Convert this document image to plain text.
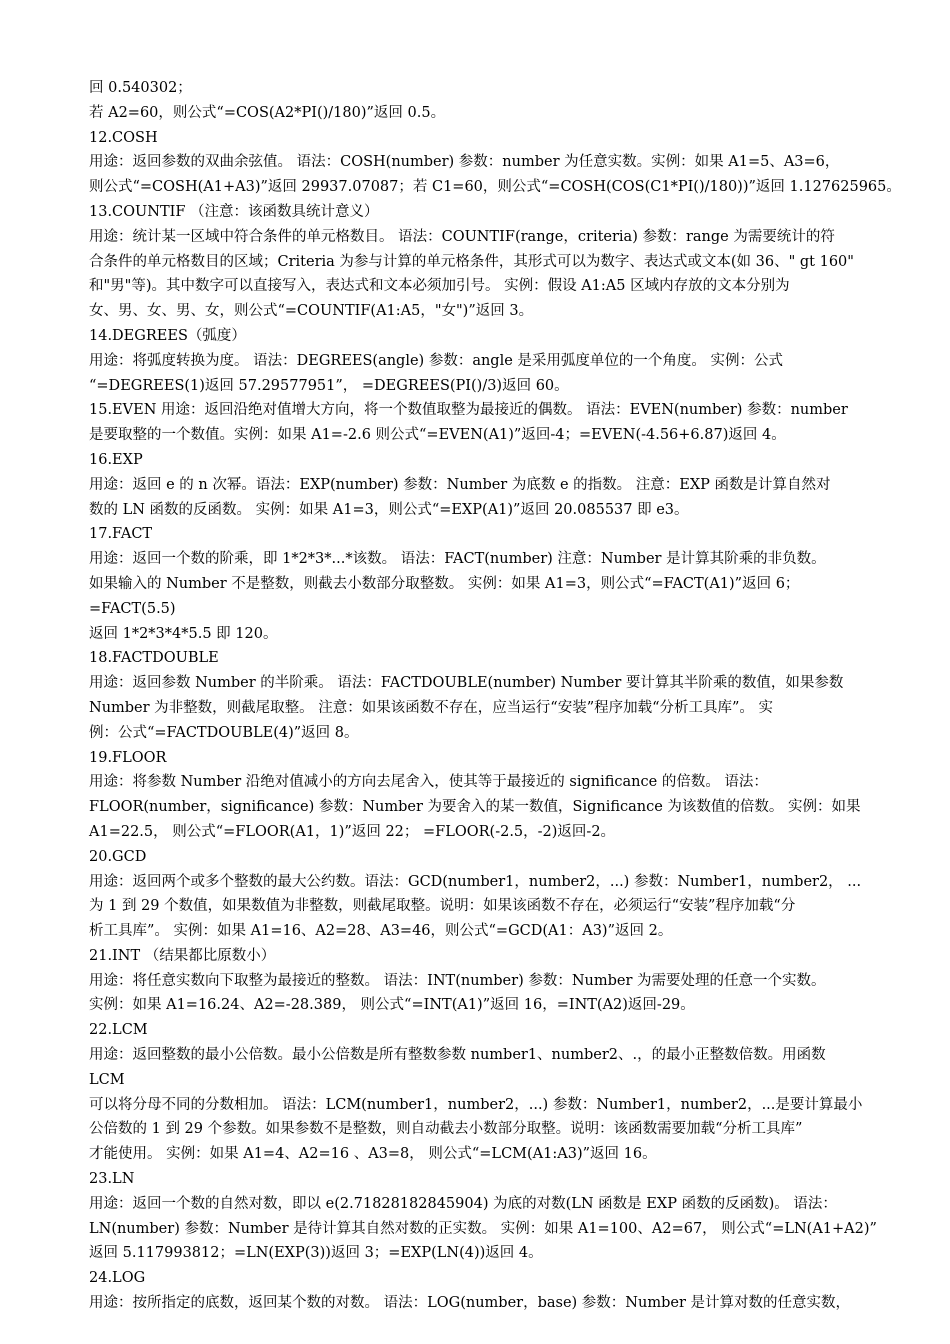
回 0.540302；
若 A2=60，则公式“=COS(A2*PI()/180)”返回 0.5。
12.COSH
用途：返回参数的双曲余弦值。 语法：COSH(number) 参数：number 为任意实数。实例：如果 A1=5、A3=6，
则公式“=COSH(A1+A3)”返回 29937.07087；若 C1=60，则公式“=COSH(COS(C1*PI()/180))”返回 1.127625965。
13.COUNTIF （注意：该函数具统计意义）
用途：统计某一区域中符合条件的单元格数目。 语法：COUNTIF(range，criteria) 参数：range 为需要统计的符
合条件的单元格数目的区域；Criteria 为参与计算的单元格条件，其形式可以为数字、表达式或文本(如 36、" gt 160"
和"男"等)。其中数字可以直接写入，表达式和文本必须加引号。 实例：假设 A1:A5 区域内存放的文本分别为
女、男、女、男、女，则公式“=COUNTIF(A1:A5，"女")”返回 3。
14.DEGREES（弧度）
用途：将弧度转换为度。 语法：DEGREES(angle) 参数：angle 是采用弧度单位的一个角度。 实例：公式
“=DEGREES(1)返回 57.29577951”， =DEGREES(PI()/3)返回 60。
15.EVEN 用途：返回沿绝对值增大方向，将一个数值取整为最接近的偶数。 语法：EVEN(number) 参数：number
是要取整的一个数值。实例：如果 A1=-2.6 则公式“=EVEN(A1)”返回-4；=EVEN(-4.56+6.87)返回 4。
16.EXP
用途：返回 e 的 n 次幂。语法：EXP(number) 参数：Number 为底数 e 的指数。 注意：EXP 函数是计算自然对
数的 LN 函数的反函数。 实例：如果 A1=3，则公式“=EXP(A1)”返回 20.085537 即 e3。
17.FACT
用途：返回一个数的阶乘，即 1*2*3*...*该数。 语法：FACT(number) 注意：Number 是计算其阶乘的非负数。
如果输入的 Number 不是整数，则截去小数部分取整数。 实例：如果 A1=3，则公式“=FACT(A1)”返回 6；
=FACT(5.5)
返回 1*2*3*4*5.5 即 120。
18.FACTDOUBLE
用途：返回参数 Number 的半阶乘。 语法：FACTDOUBLE(number) Number 要计算其半阶乘的数值，如果参数
Number 为非整数，则截尾取整。 注意：如果该函数不存在，应当运行“安装”程序加载“分析工具库”。 实
例：公式“=FACTDOUBLE(4)”返回 8。
19.FLOOR
用途：将参数 Number 沿绝对值减小的方向去尾舍入，使其等于最接近的 significance 的倍数。 语法：
FLOOR(number，significance) 参数：Number 为要舍入的某一数值，Significance 为该数值的倍数。 实例：如果
A1=22.5， 则公式“=FLOOR(A1，1)”返回 22； =FLOOR(-2.5，-2)返回-2。
20.GCD
用途：返回两个或多个整数的最大公约数。语法：GCD(number1，number2，...) 参数：Number1，number2， ...
为 1 到 29 个数值，如果数值为非整数，则截尾取整。说明：如果该函数不存在，必须运行“安装”程序加载“分
析工具库”。 实例：如果 A1=16、A2=28、A3=46，则公式“=GCD(A1：A3)”返回 2。
21.INT （结果都比原数小）
用途：将任意实数向下取整为最接近的整数。 语法：INT(number) 参数：Number 为需要处理的任意一个实数。
实例：如果 A1=16.24、A2=-28.389， 则公式“=INT(A1)”返回 16，=INT(A2)返回-29。
22.LCM
用途：返回整数的最小公倍数。最小公倍数是所有整数参数 number1、number2、.，的最小正整数倍数。用函数
LCM
可以将分母不同的分数相加。 语法：LCM(number1，number2，...) 参数：Number1，number2，...是要计算最小
公倍数的 1 到 29 个参数。如果参数不是整数，则自动截去小数部分取整。说明：该函数需要加载“分析工具库”
才能使用。 实例：如果 A1=4、A2=16 、A3=8， 则公式“=LCM(A1:A3)”返回 16。
23.LN
用途：返回一个数的自然对数，即以 e(2.71828182845904) 为底的对数(LN 函数是 EXP 函数的反函数)。 语法：
LN(number) 参数：Number 是待计算其自然对数的正实数。 实例：如果 A1=100、A2=67， 则公式“=LN(A1+A2)”
返回 5.117993812；=LN(EXP(3))返回 3；=EXP(LN(4))返回 4。
24.LOG
用途：按所指定的底数，返回某个数的对数。 语法：LOG(number，base) 参数：Number 是计算对数的任意实数，
